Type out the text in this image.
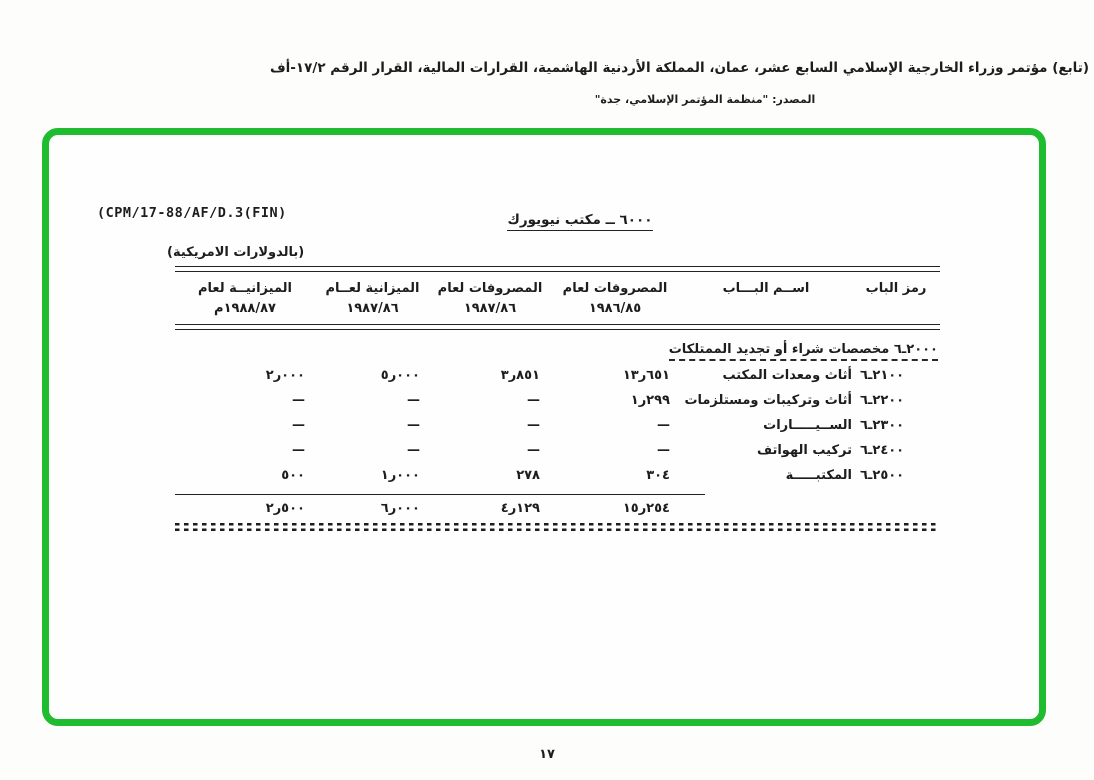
(تابع) مؤتمر وزراء الخارجية الإسلامي السابع عشر، عمان، المملكة الأردنية الهاشمية، القرارات المالية، القرار الرقم ١٧/٢-أف
المصدر: "منظمة المؤتمر الإسلامي، جدة"
(CPM/17-88/AF/D.3(FIN)	٦٠٠٠ ــ مكتب نيويورك
(بالدولارات الامريكية)
الميزانيــة لعام
١٩٨٨/٨٧م
الميزانية لعــام
١٩٨٧/٨٦
المصروفات لعام
١٩٨٧/٨٦
المصروفات لعام
١٩٨٦/٨٥
اســم البـــاب	رمز الباب
٦ـ٢٠٠٠ مخصصات شراء أو تجديد الممتلكات
٢ر٠٠٠	٥ر٠٠٠	٣ر٨٥١	١٣ر٦٥١	أثاث ومعدات المكتب ٦ـ٢١٠٠
—	—	—	١ر٢٩٩	أثاث وتركيبات ومستلزمات ٦ـ٢٢٠٠
—	—	—	—	الســيـــــارات ٦ـ٢٣٠٠
—	—	—	—	تركيب الهواتف ٦ـ٢٤٠٠
٥٠٠	١ر٠٠٠	٢٧٨	٣٠٤	المكتبـــــة ٦ـ٢٥٠٠
٢ر٥٠٠	٦ر٠٠٠	٤ر١٢٩	١٥ر٢٥٤
١٧
